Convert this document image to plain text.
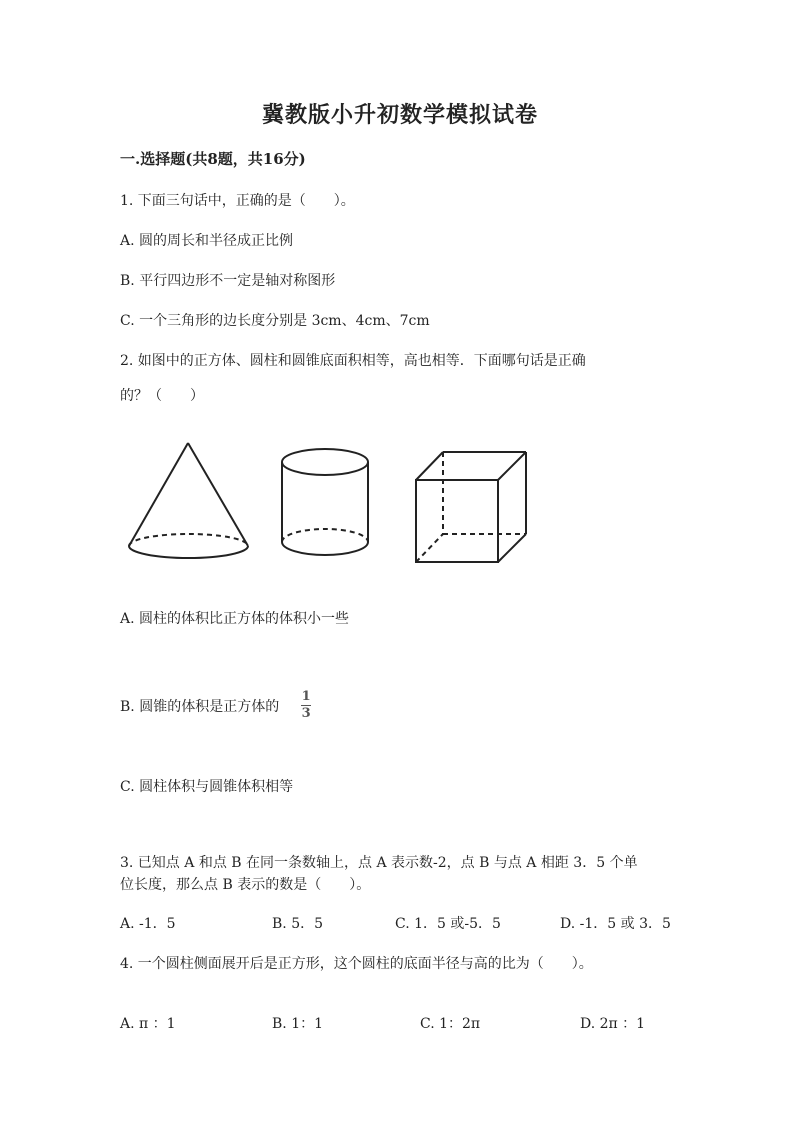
冀教版小升初数学模拟试卷
一.选择题(共8题，共16分)
1. 下面三句话中，正确的是（　　）。
A. 圆的周长和半径成正比例
B. 平行四边形不一定是轴对称图形
C. 一个三角形的边长度分别是 3cm、4cm、7cm
2. 如图中的正方体、圆柱和圆锥底面积相等，高也相等．下面哪句话是正确
的？（　　）
A. 圆柱的体积比正方体的体积小一些
B. 圆锥的体积是正方体的 $\frac{1}{3}$
C. 圆柱体积与圆锥体积相等
3. 已知点 A 和点 B 在同一条数轴上，点 A 表示数-2，点 B 与点 A 相距 3．5 个单
位长度，那么点 B 表示的数是（　　）。
A. -1．5	B. 5．5	C. 1．5 或-5．5	D. -1．5 或 3．5
4. 一个圆柱侧面展开后是正方形，这个圆柱的底面半径与高的比为（　　）。
A. π ：1	B. 1：1	C. 1：2π	D. 2π ：1
